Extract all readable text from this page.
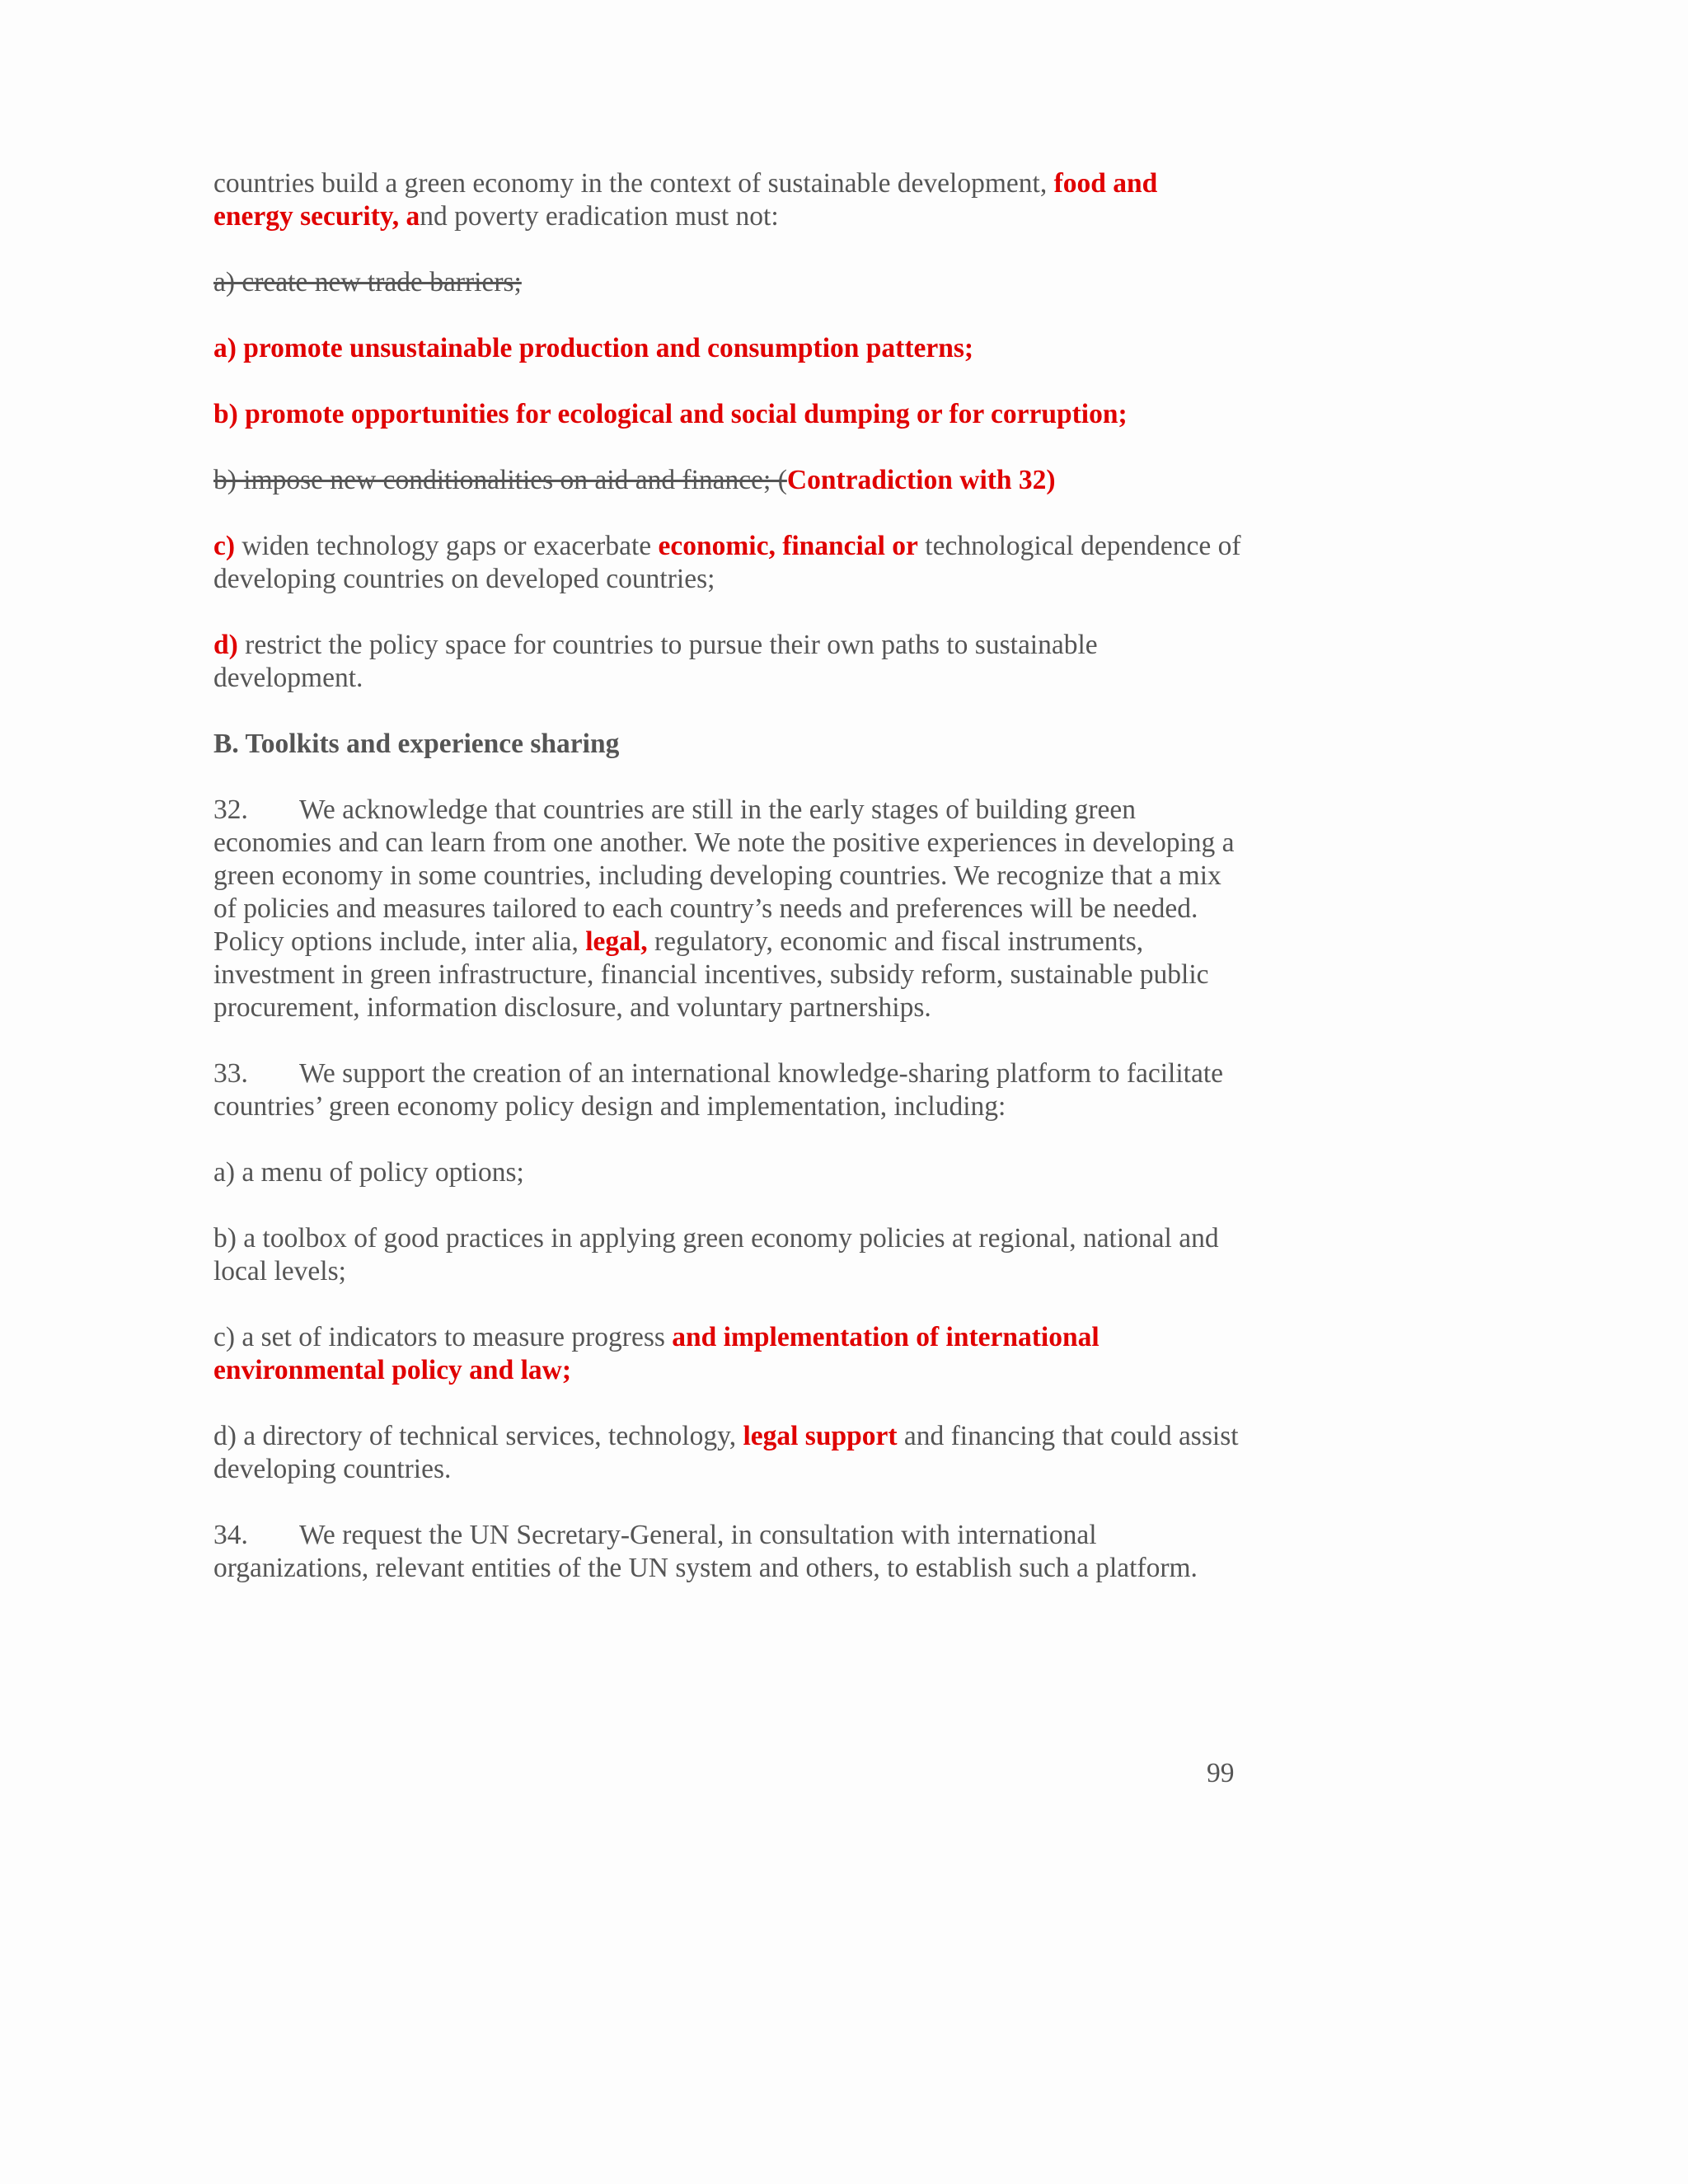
countries build a green economy in the context of sustainable development, food and energy security, and poverty eradication must not:

a) create new trade barriers;

a) promote unsustainable production and consumption patterns;

b) promote opportunities for ecological and social dumping or for corruption;

b) impose new conditionalities on aid and finance; (Contradiction with 32)

c) widen technology gaps or exacerbate economic, financial or technological dependence of developing countries on developed countries;

d) restrict the policy space for countries to pursue their own paths to sustainable development.

B. Toolkits and experience sharing

32. We acknowledge that countries are still in the early stages of building green economies and can learn from one another. We note the positive experiences in developing a green economy in some countries, including developing countries. We recognize that a mix of policies and measures tailored to each country’s needs and preferences will be needed. Policy options include, inter alia, legal, regulatory, economic and fiscal instruments, investment in green infrastructure, financial incentives, subsidy reform, sustainable public procurement, information disclosure, and voluntary partnerships.

33. We support the creation of an international knowledge-sharing platform to facilitate countries’ green economy policy design and implementation, including:

a) a menu of policy options;

b) a toolbox of good practices in applying green economy policies at regional, national and local levels;

c) a set of indicators to measure progress and implementation of international environmental policy and law;

d) a directory of technical services, technology, legal support and financing that could assist developing countries.

34. We request the UN Secretary-General, in consultation with international organizations, relevant entities of the UN system and others, to establish such a platform.

99
